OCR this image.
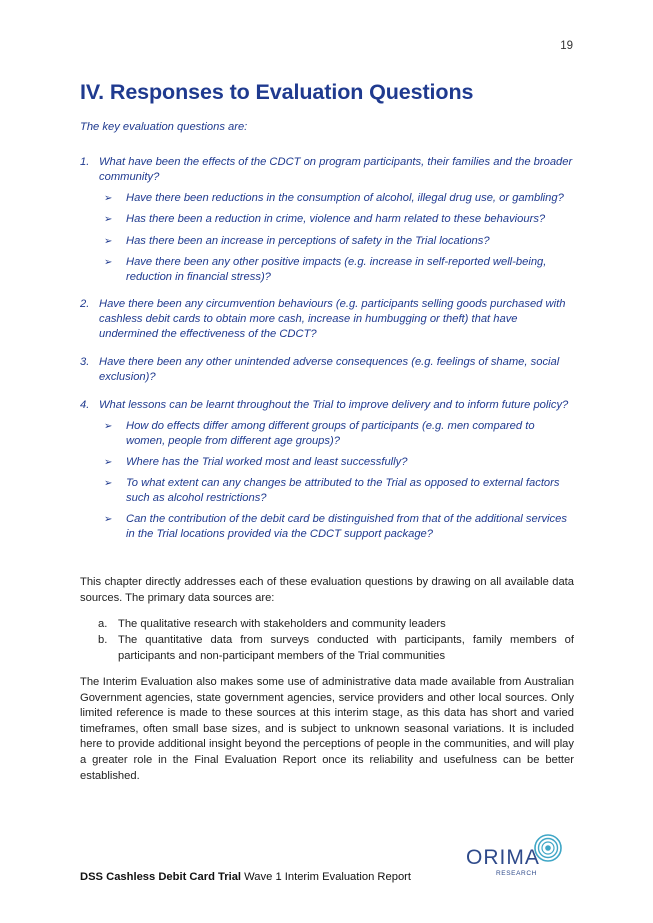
19
IV. Responses to Evaluation Questions
The key evaluation questions are:
1. What have been the effects of the CDCT on program participants, their families and the broader community?
➢ Have there been reductions in the consumption of alcohol, illegal drug use, or gambling?
➢ Has there been a reduction in crime, violence and harm related to these behaviours?
➢ Has there been an increase in perceptions of safety in the Trial locations?
➢ Have there been any other positive impacts (e.g. increase in self-reported well-being, reduction in financial stress)?
2. Have there been any circumvention behaviours (e.g. participants selling goods purchased with cashless debit cards to obtain more cash, increase in humbugging or theft) that have undermined the effectiveness of the CDCT?
3. Have there been any other unintended adverse consequences (e.g. feelings of shame, social exclusion)?
4. What lessons can be learnt throughout the Trial to improve delivery and to inform future policy?
➢ How do effects differ among different groups of participants (e.g. men compared to women, people from different age groups)?
➢ Where has the Trial worked most and least successfully?
➢ To what extent can any changes be attributed to the Trial as opposed to external factors such as alcohol restrictions?
➢ Can the contribution of the debit card be distinguished from that of the additional services in the Trial locations provided via the CDCT support package?
This chapter directly addresses each of these evaluation questions by drawing on all available data sources. The primary data sources are:
a. The qualitative research with stakeholders and community leaders
b. The quantitative data from surveys conducted with participants, family members of participants and non-participant members of the Trial communities
The Interim Evaluation also makes some use of administrative data made available from Australian Government agencies, state government agencies, service providers and other local sources. Only limited reference is made to these sources at this interim stage, as this data has short and varied timeframes, often small base sizes, and is subject to unknown seasonal variations. It is included here to provide additional insight beyond the perceptions of people in the communities, and will play a greater role in the Final Evaluation Report once its reliability and usefulness can be better established.
ORIMA
RESEARCH
DSS Cashless Debit Card Trial Wave 1 Interim Evaluation Report
